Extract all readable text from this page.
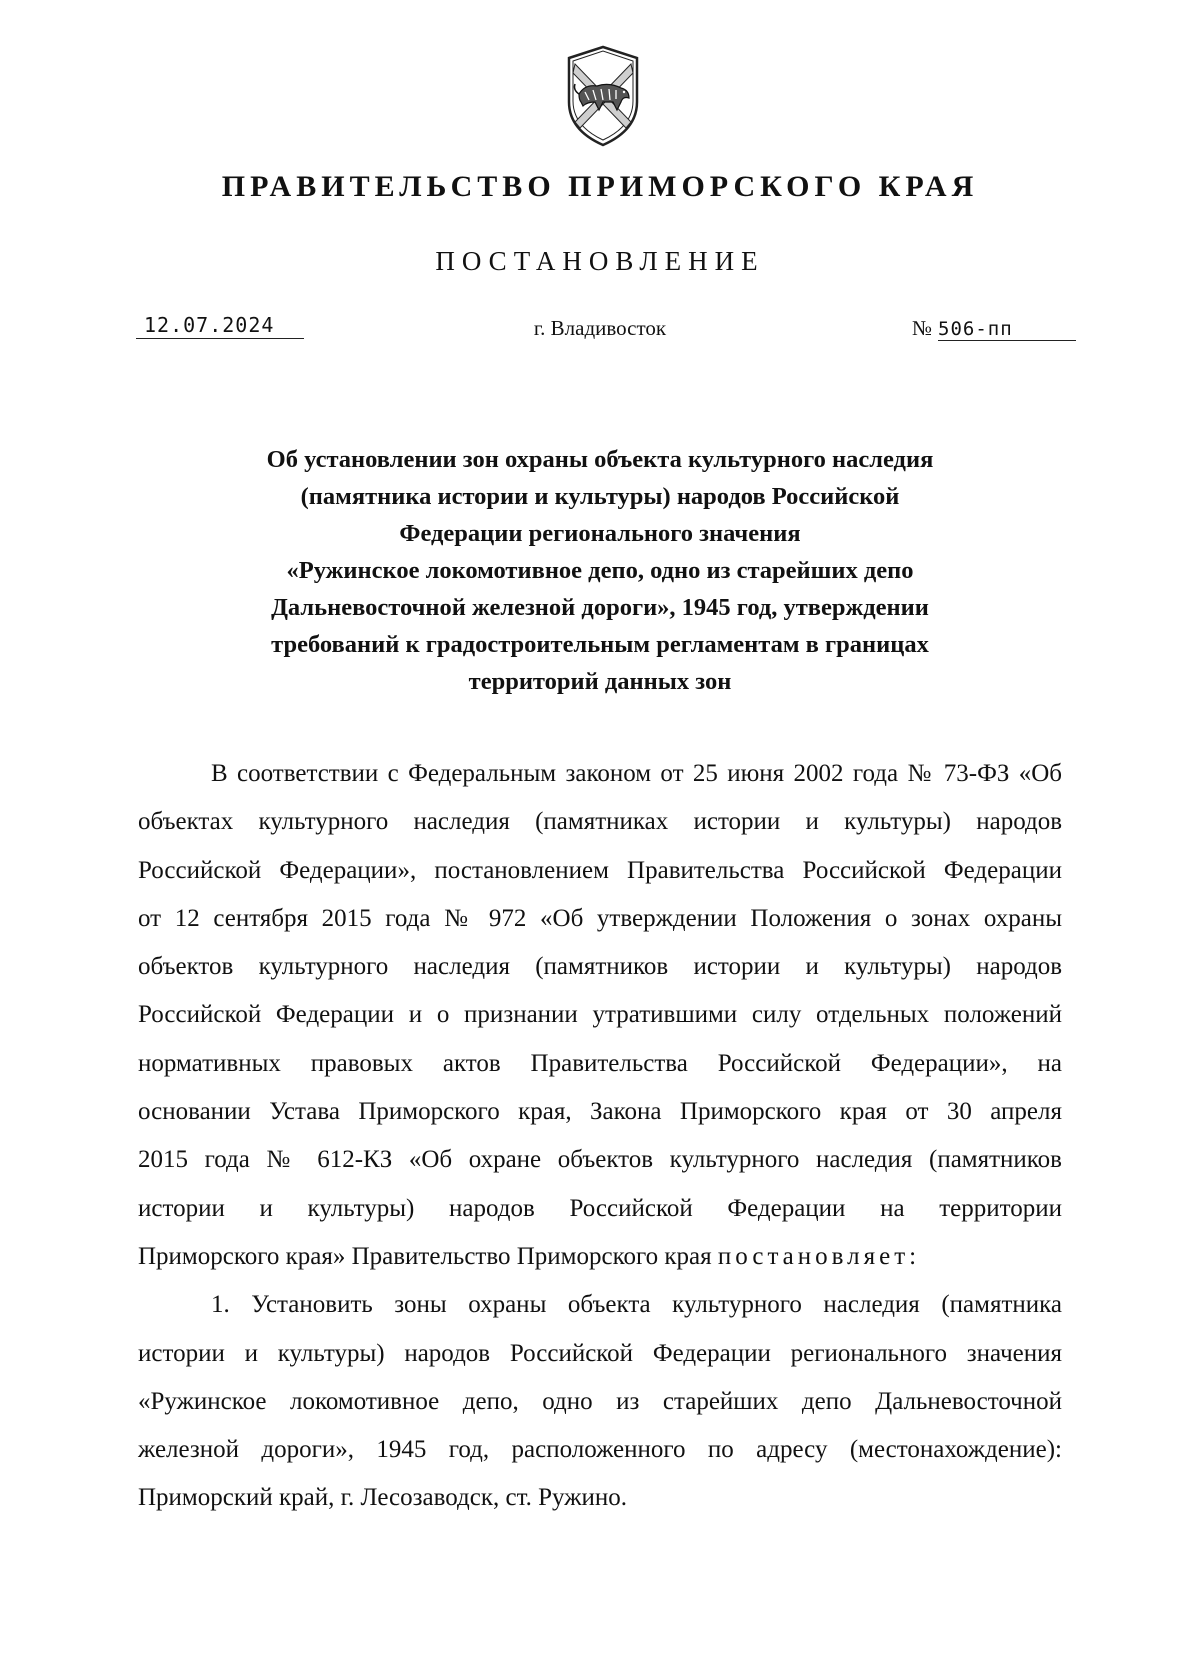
ПРАВИТЕЛЬСТВО ПРИМОРСКОГО КРАЯ
ПОСТАНОВЛЕНИЕ
12.07.2024	г. Владивосток	№ 506-пп
Об установлении зон охраны объекта культурного наследия
(памятника истории и культуры) народов Российской
Федерации регионального значения
«Ружинское локомотивное депо, одно из старейших депо
Дальневосточной железной дороги», 1945 год, утверждении
требований к градостроительным регламентам в границах
территорий данных зон
В соответствии с Федеральным законом от 25 июня 2002 года № 73-ФЗ «Об
объектах культурного наследия (памятниках истории и культуры) народов
Российской Федерации», постановлением Правительства Российской Федерации
от 12 сентября 2015 года № 972 «Об утверждении Положения о зонах охраны
объектов культурного наследия (памятников истории и культуры) народов
Российской Федерации и о признании утратившими силу отдельных положений
нормативных правовых актов Правительства Российской Федерации», на
основании Устава Приморского края, Закона Приморского края от 30 апреля
2015 года № 612-КЗ «Об охране объектов культурного наследия (памятников
истории и культуры) народов Российской Федерации на территории
Приморского края» Правительство Приморского края постановляет:
1. Установить зоны охраны объекта культурного наследия (памятника
истории и культуры) народов Российской Федерации регионального значения
«Ружинское локомотивное депо, одно из старейших депо Дальневосточной
железной дороги», 1945 год, расположенного по адресу (местонахождение):
Приморский край, г. Лесозаводск, ст. Ружино.
